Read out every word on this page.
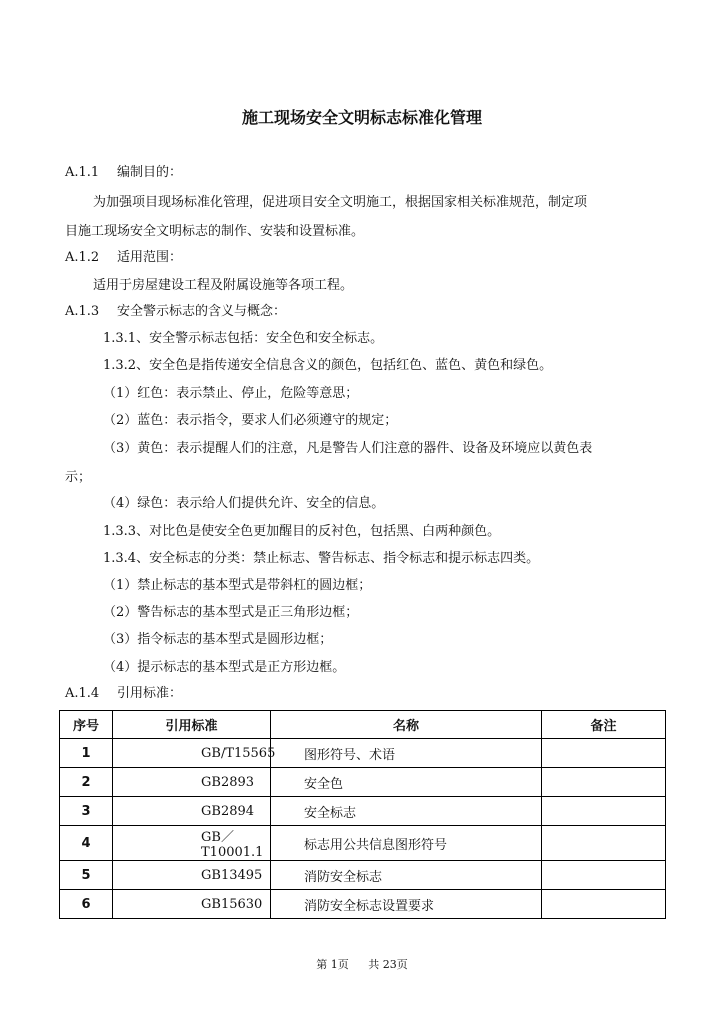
施工现场安全文明标志标准化管理
A.1.1 编制目的：
为加强项目现场标准化管理，促进项目安全文明施工，根据国家相关标准规范，制定项
目施工现场安全文明标志的制作、安装和设置标准。
A.1.2 适用范围：
适用于房屋建设工程及附属设施等各项工程。
A.1.3 安全警示标志的含义与概念：
1.3.1、安全警示标志包括：安全色和安全标志。
1.3.2、安全色是指传递安全信息含义的颜色，包括红色、蓝色、黄色和绿色。
（1）红色：表示禁止、停止，危险等意思；
（2）蓝色：表示指令，要求人们必须遵守的规定；
（3）黄色：表示提醒人们的注意，凡是警告人们注意的器件、设备及环境应以黄色表
示；
（4）绿色：表示给人们提供允许、安全的信息。
1.3.3、对比色是使安全色更加醒目的反衬色，包括黑、白两种颜色。
1.3.4、安全标志的分类：禁止标志、警告标志、指令标志和提示标志四类。
（1）禁止标志的基本型式是带斜杠的圆边框；
（2）警告标志的基本型式是正三角形边框；
（3）指令标志的基本型式是圆形边框；
（4）提示标志的基本型式是正方形边框。
A.1.4 引用标准：
序号	引用标准	名称	备注
1	GB/T15565	图形符号、术语	
2	GB2893	安全色	
3	GB2894	安全标志	
4	GB／T10001.1	标志用公共信息图形符号	
5	GB13495	消防安全标志	
6	GB15630	消防安全标志设置要求	
第 1页 共 23页
